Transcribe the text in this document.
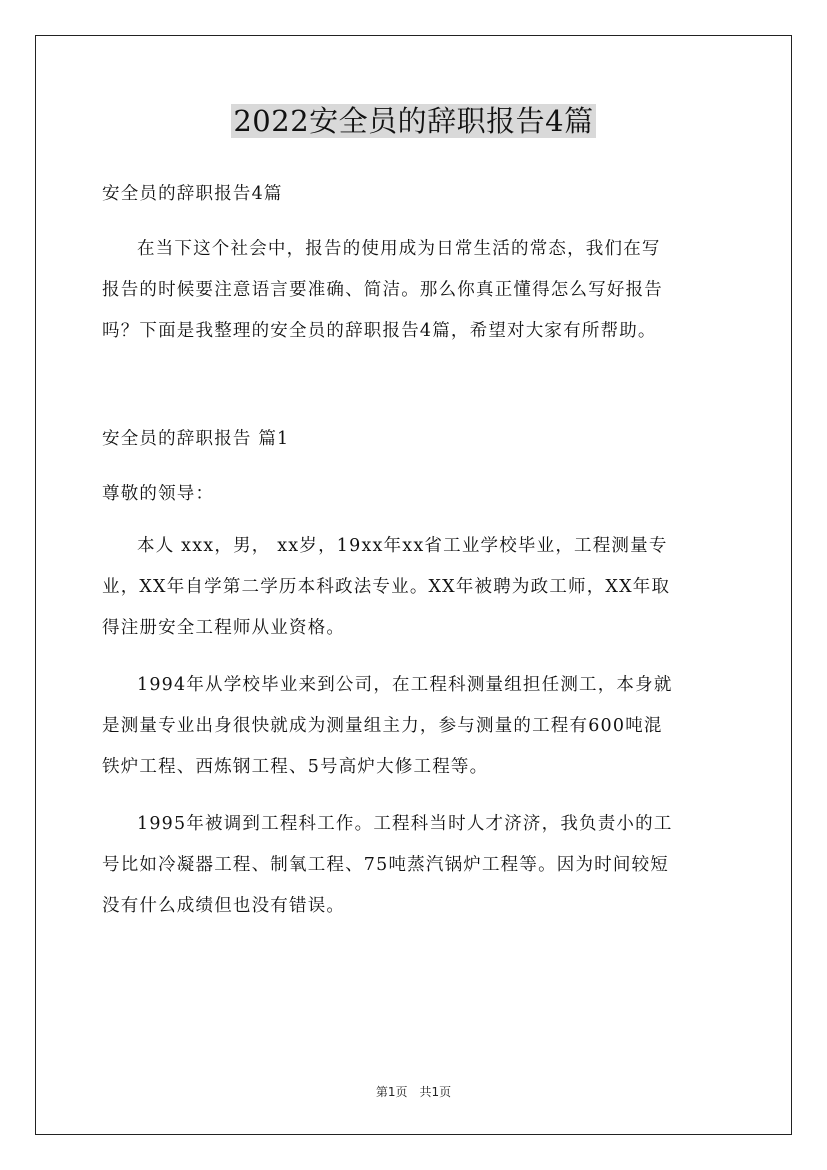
2022安全员的辞职报告4篇
安全员的辞职报告4篇
在当下这个社会中，报告的使用成为日常生活的常态，我们在写
报告的时候要注意语言要准确、简洁。那么你真正懂得怎么写好报告
吗？下面是我整理的安全员的辞职报告4篇，希望对大家有所帮助。
安全员的辞职报告 篇1
尊敬的领导：
本人 xxx，男， xx岁，19xx年xx省工业学校毕业，工程测量专
业，XX年自学第二学历本科政法专业。XX年被聘为政工师，XX年取
得注册安全工程师从业资格。
1994年从学校毕业来到公司，在工程科测量组担任测工，本身就
是测量专业出身很快就成为测量组主力，参与测量的工程有600吨混
铁炉工程、西炼钢工程、5号高炉大修工程等。
1995年被调到工程科工作。工程科当时人才济济，我负责小的工
号比如冷凝器工程、制氧工程、75吨蒸汽锅炉工程等。因为时间较短
没有什么成绩但也没有错误。
第1页　共1页
